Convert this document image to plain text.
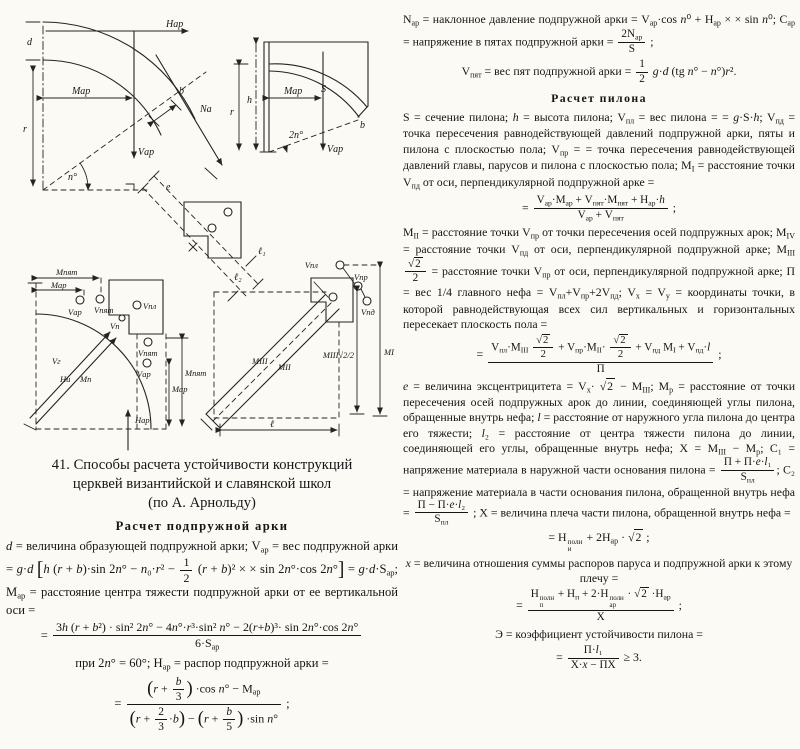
Hар
d
r
Мар
Vар
n°
b
Nа
h
r
Мар
2n°
Vар
S
b
e
ℓ₁
ℓ₂
Мпят
Мар
Vар Vпят	Vпл
Vп
Vг
Hи Мп
Vпят
Vар	Мпят
Мар
Hар
Vпл
Vпр
Vпд
MIII
MII
MIII√2/2	MI
ℓ
41. Способы расчета устойчивости конструкций
церквей византийской и славянской школ
(по А. Арнольду)
Расчет подпружной арки

d = величина образующей подпружной арки; $V_{ар}$ = вес подпружной арки = g·d [h (r + b)·sin $2n^\circ - n_0\cdot r^2 - \frac{1}{2} (r + b)^2$ × × sin 2n°·cos $2n^\circ] = g\cdot d\cdot S_{ар}$; $M_{ар}$ = расстояние центра тяжести подпружной арки от ее вертикальной оси =

=
3h (r + b²) · sin² 2n° − 4n°·r³·sin² n° − 2(r+b)³· sin 2n°·cos 2n°
$6\cdot S_{ар}$
при 2n° = 60°; $H_{ар}$ = распор подпружной арки =
=
($r + \frac{b}{3}$ ) ·cos $n^\circ - M_{ар}$
$(r + \frac{2}{3} \cdot b) - (r + \frac{b}{5}$ ) ·sin n°
;

$N_{ар}$ = наклонное давление подпружной арки = $V_{ар}\cdot\cos$ $n^0 + H_{ар}$ × × sin n⁰; $C_{ар}$ = напряжение в пятах подпружной арки =
$2N_{ар}$
S
;

$V_{пят}$ = вес пят подпружной арки = $\frac{1}{2} g\cdot d$ (tg n° − n°)r².
Расчет пилона

S = сечение пилона; h = высота пилона; $V_{пл}$ = вес пилона = = g·S·h; $V_{пд}$ = точка пересечения равнодействующей давлений подпружной арки, пяты и пилона с плоскостью пола; $V_{пр}$ = = точка пересечения равнодействующей давлений главы, парусов и пилона с плоскостью пола; $M_I$ = расстояние точки $V_{пд}$ от оси, перпендикулярной подпружной арке =

=
$V_{ар}\cdot M_{ар} + V_{пят}\cdot M_{пят} + H_{ар}\cdot h$
$V_{ар} + V_{пят}$
;

$M_{II}$ = расстояние точки $V_{пр}$ от точки пересечения осей подпружных арок; $M_{IV}$ = расстояние точки $V_{пд}$ от оси, перпендикулярной подпружной арке; $M_{III}$
$\frac{√2}{2}$ = расстояние точки $V_{пр}$ от оси, перпендикулярной подпружной арке; П = вес 1/4 главного нефа = $V_{пл}+V_{пр}+2V_{пд}$; $V_x = V_y$ = координаты точки, в которой равнодействующая всех сил вертикальных и горизонтальных пересекает плоскость пола =

= $V_{пл}\cdot M_{III} \frac{√2}{2} + V_{пр}\cdot M_{II}\cdot \frac{√2}{2} + V_{пд}$ $M_I + V_{пд}\cdot l$
П
;

e = величина эксцентрицитета = $V_x\cdot √2 - M_{III}$; $M_р$ = расстояние от точки пересечения осей подпружных арок до линии, соединяющей углы пилона, обращенные внутрь нефа; l = расстояние от наружного угла пилона до центра его тяжести; l₂ = расстояние от центра тяжести пилона до линии, соединяющей его углы, обращенные внутрь нефа; $X = M_{III} - M_р$; C₁ = напряжение материала в наружной части основания пилона =
П + П·e·l₁
$S_{пл}$
; C₂ = напряжение материала в части основания пилона, обращенной внутрь нефа =
П − П·e·l₂
$S_{пл}$
; X = величина плеча части пилона, обращенной внутрь нефа =

= H полн
и
+ $2H_{ар} \cdot √2$ ;

x = величина отношения суммы распоров паруса и подпружной арки к этому плечу =

=
H полн
п
+ $H_п + 2\cdot H$ полн
ар
· $√2 \cdot H_{ар}$
X
;

Э = коэффициент устойчивости пилона =

=
П·l₁
X·x − ПХ
≥ 3.
